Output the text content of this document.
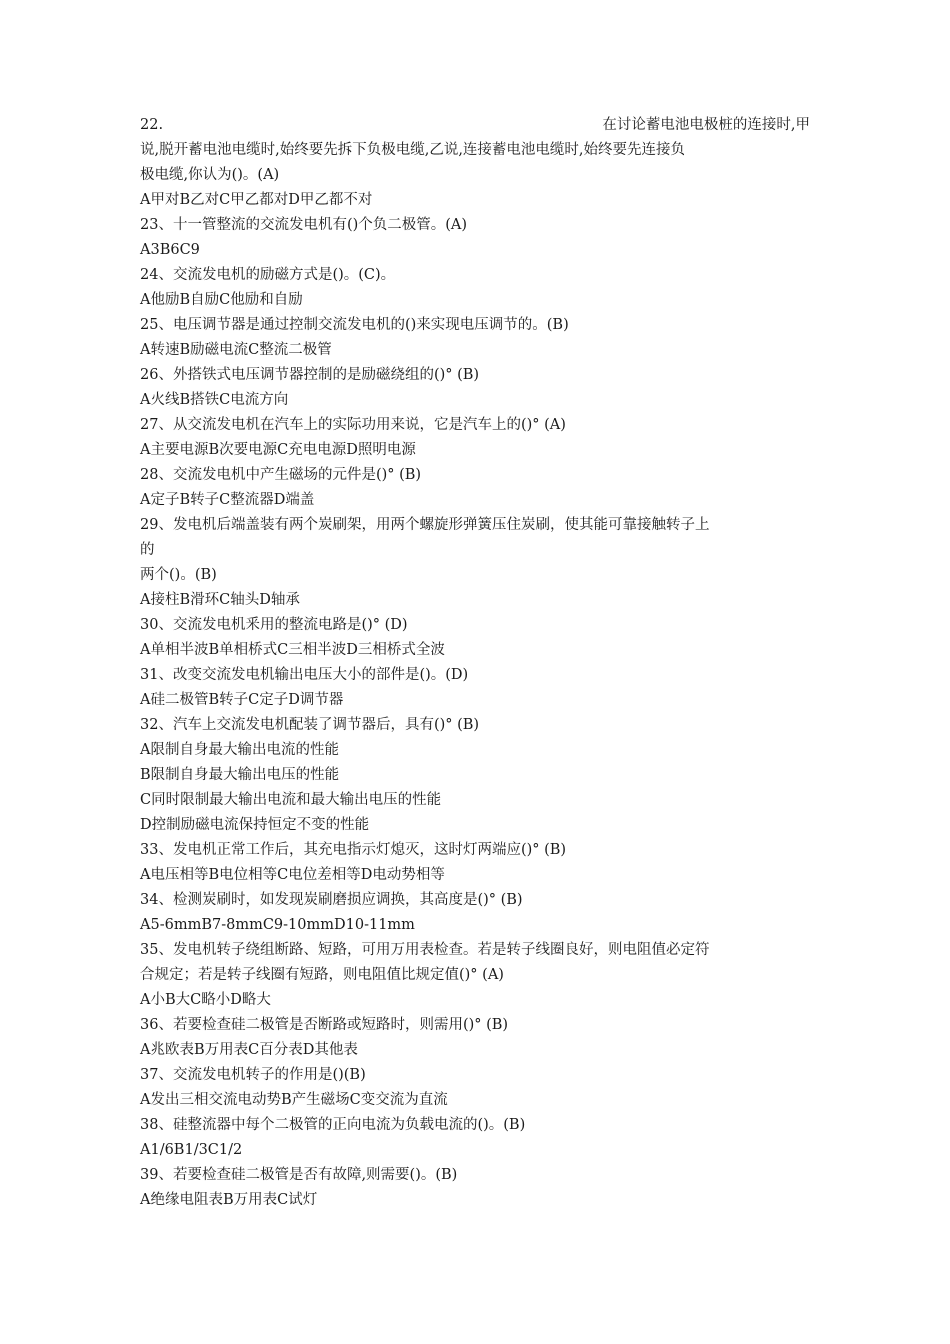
22.	在讨论蓄电池电极桩的连接时,甲
说,脱开蓄电池电缆时,始终要先拆下负极电缆,乙说,连接蓄电池电缆时,始终要先连接负
极电缆,你认为()。(A)
A甲对B乙对C甲乙都对D甲乙都不对
23、十一管整流的交流发电机有()个负二极管。(A)
A3B6C9
24、交流发电机的励磁方式是()。(C)。
A他励B自励C他励和自励
25、电压调节器是通过控制交流发电机的()来实现电压调节的。(B)
A转速B励磁电流C整流二极管
26、外搭铁式电压调节器控制的是励磁绕组的()° (B)
A火线B搭铁C电流方向
27、从交流发电机在汽车上的实际功用来说，它是汽车上的()° (A)
A主要电源B次要电源C充电电源D照明电源
28、交流发电机中产生磁场的元件是()° (B)
A定子B转子C整流器D端盖
29、发电机后端盖装有两个炭刷架，用两个螺旋形弹簧压住炭刷，使其能可靠接触转子上
的
两个()。(B)
A接柱B滑环C轴头D轴承
30、交流发电机釆用的整流电路是()° (D)
A单相半波B单相桥式C三相半波D三相桥式全波
31、改变交流发电机输出电压大小的部件是()。(D)
A硅二极管B转子C定子D调节器
32、汽车上交流发电机配装了调节器后，具有()° (B)
A限制自身最大输出电流的性能
B限制自身最大输出电压的性能
C同时限制最大输出电流和最大输出电压的性能
D控制励磁电流保持恒定不变的性能
33、发电机正常工作后，其充电指示灯熄灭，这时灯两端应()° (B)
A电压相等B电位相等C电位差相等D电动势相等
34、检测炭刷时，如发现炭刷磨损应调换，其高度是()° (B)
A5-6mmB7-8mmC9-10mmD10-11mm
35、发电机转子绕组断路、短路，可用万用表检查。若是转子线圈良好，则电阻值必定符
合规定；若是转子线圈有短路，则电阻值比规定值()° (A)
A小B大C略小D略大
36、若要检查硅二极管是否断路或短路时，则需用()° (B)
A兆欧表B万用表C百分表D其他表
37、交流发电机转子的作用是()(B)
A发出三相交流电动势B产生磁场C变交流为直流
38、硅整流器中每个二极管的正向电流为负载电流的()。(B)
A1/6B1/3C1/2
39、若要检查硅二极管是否有故障,则需要()。(B)
A绝缘电阻表B万用表C试灯
